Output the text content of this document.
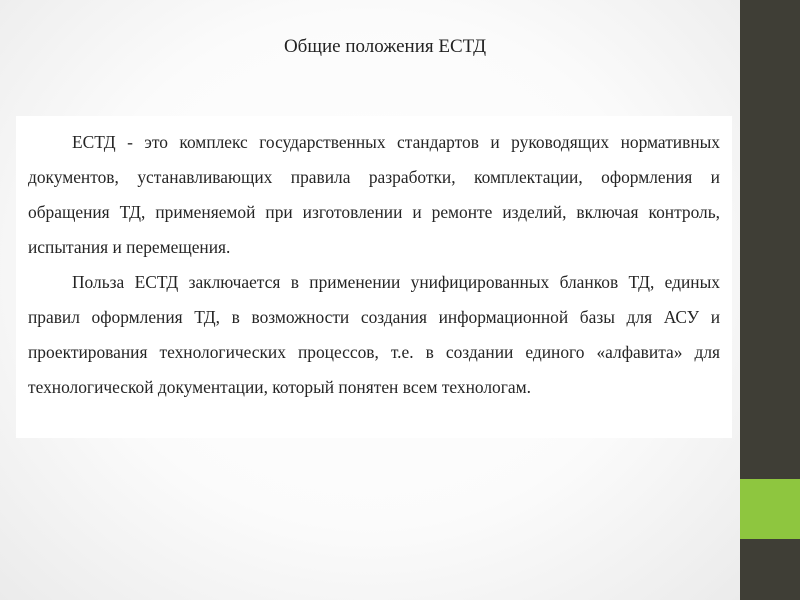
Общие положения ЕСТД

ЕСТД - это комплекс государственных стандартов и руководящих нормативных документов, устанавливающих правила разработки, комплектации, оформления и обращения ТД, применяемой при изготовлении и ремонте изделий, включая контроль, испытания и перемещения.

Польза ЕСТД заключается в применении унифицированных бланков ТД, единых правил оформления ТД, в возможности создания информационной базы для АСУ и проектирования технологических процессов, т.е. в создании единого «алфавита» для технологической документации, который понятен всем технологам.
